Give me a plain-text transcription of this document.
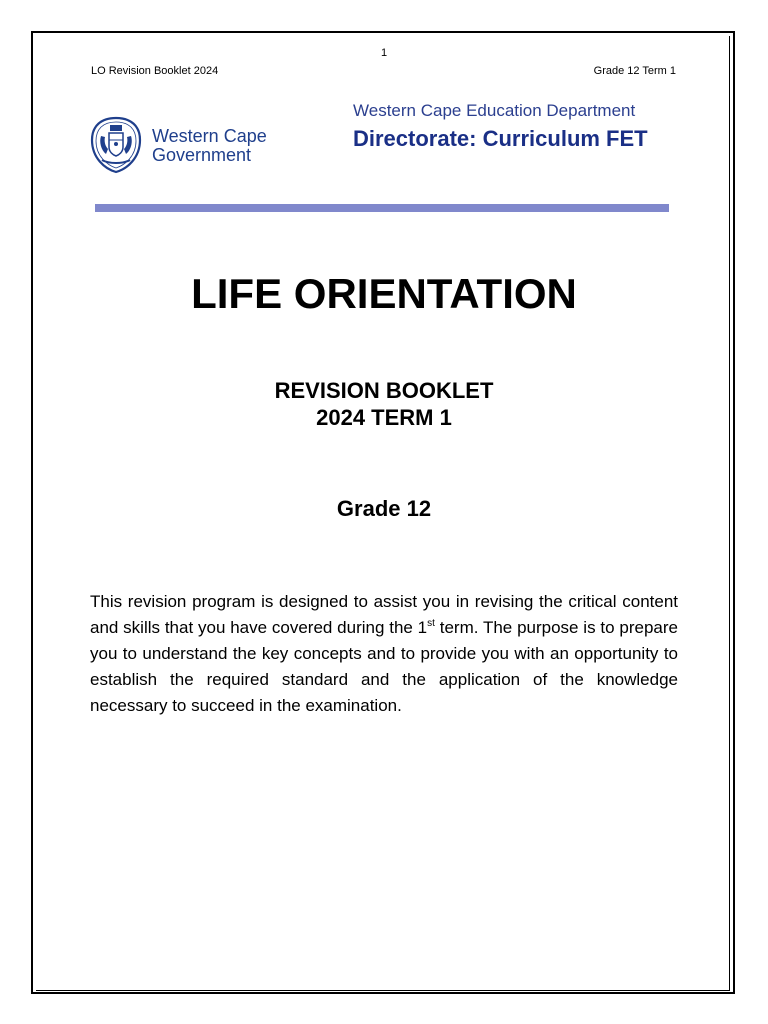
1
LO Revision Booklet 2024	Grade 12 Term 1
Western Cape
Government
Western Cape Education Department
Directorate: Curriculum FET
LIFE ORIENTATION
REVISION BOOKLET
2024 TERM 1
Grade 12

This revision program is designed to assist you in revising the critical content and skills that you have covered during the 1st term. The purpose is to prepare you to understand the key concepts and to provide you with an opportunity to establish the required standard and the application of the knowledge necessary to succeed in the examination.
